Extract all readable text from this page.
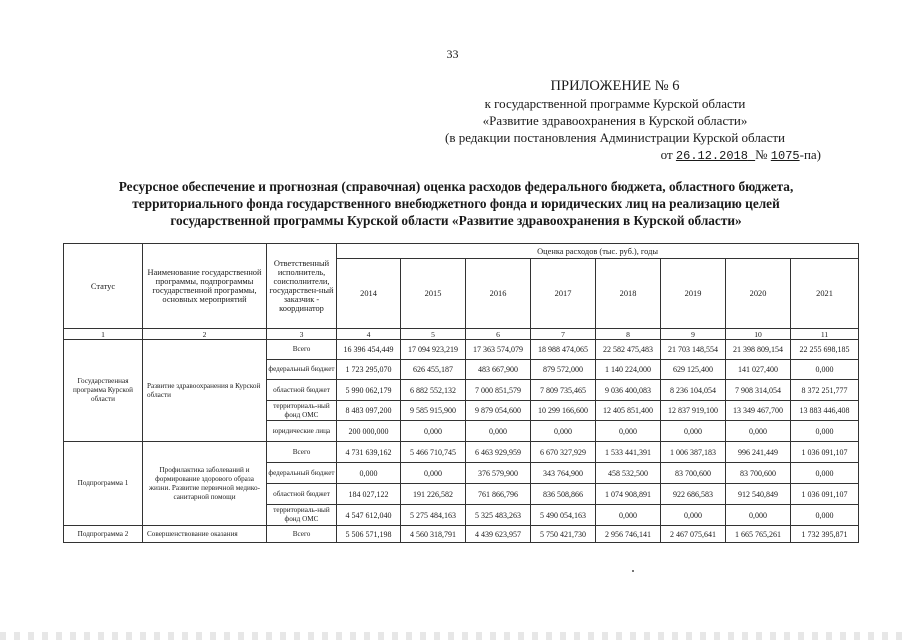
33
ПРИЛОЖЕНИЕ № 6
к государственной программе Курской области
«Развитие здравоохранения в Курской области»
(в редакции постановления Администрации Курской области
от 26.12.2018 № 1075-па)
Ресурсное обеспечение и прогнозная (справочная) оценка расходов федерального бюджета, областного бюджета,
территориального фонда государственного внебюджетного фонда и юридических лиц на реализацию целей
государственной программы Курской области «Развитие здравоохранения в Курской области»
Статус	Наименование государственной программы, подпрограммы государственной программы, основных мероприятий	Ответственный исполнитель, соисполнители, государствен-ный заказчик - координатор	Оценка расходов (тыс. руб.), годы							
			2014	2015	2016	2017	2018	2019	2020	2021
1	2	3	4	5	6	7	8	9	10	11
Государственная программа Курской области	Развитие здравоохранения в Курской области	Всего	16 396 454,449	17 094 923,219	17 363 574,079	18 988 474,065	22 582 475,483	21 703 148,554	21 398 809,154	22 255 698,185
		федеральный бюджет	1 723 295,070	626 455,187	483 667,900	879 572,000	1 140 224,000	629 125,400	141 027,400	0,000
		областной бюджет	5 990 062,179	6 882 552,132	7 000 851,579	7 809 735,465	9 036 400,083	8 236 104,054	7 908 314,054	8 372 251,777
		территориаль-ный фонд ОМС	8 483 097,200	9 585 915,900	9 879 054,600	10 299 166,600	12 405 851,400	12 837 919,100	13 349 467,700	13 883 446,408
		юридические лица	200 000,000	0,000	0,000	0,000	0,000	0,000	0,000	0,000
Подпрограмма 1	Профилактика заболеваний и формирование здорового образа жизни. Развитие первичной медико-санитарной помощи	Всего	4 731 639,162	5 466 710,745	6 463 929,959	6 670 327,929	1 533 441,391	1 006 387,183	996 241,449	1 036 091,107
		федеральный бюджет	0,000	0,000	376 579,900	343 764,900	458 532,500	83 700,600	83 700,600	0,000
		областной бюджет	184 027,122	191 226,582	761 866,796	836 508,866	1 074 908,891	922 686,583	912 540,849	1 036 091,107
		территориаль-ный фонд ОМС	4 547 612,040	5 275 484,163	5 325 483,263	5 490 054,163	0,000	0,000	0,000	0,000
Подпрограмма 2	Совершенствование оказания	Всего	5 506 571,198	4 560 318,791	4 439 623,957	5 750 421,730	2 956 746,141	2 467 075,641	1 665 765,261	1 732 395,871
